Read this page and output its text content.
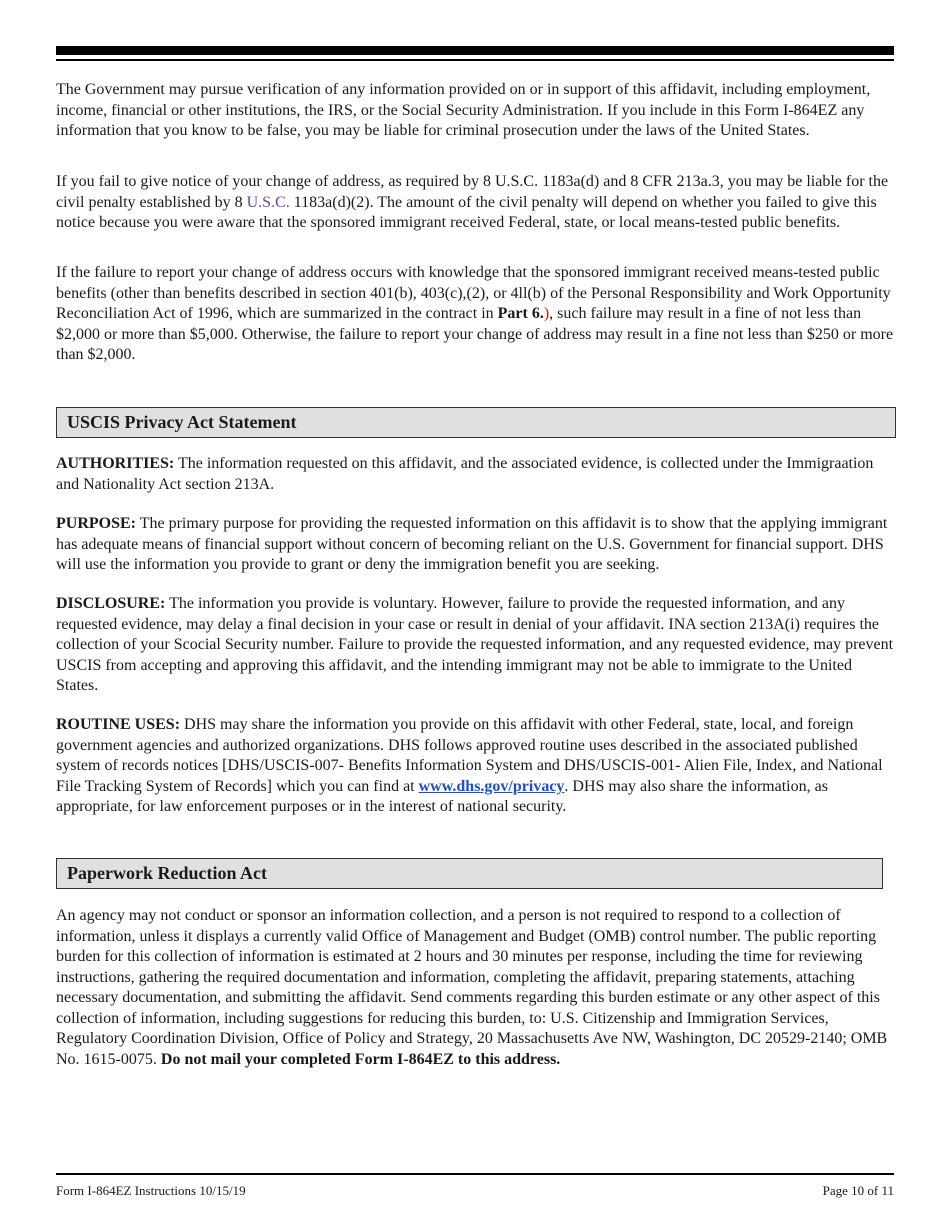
The Government may pursue verification of any information provided on or in support of this affidavit, including employment, income, financial or other institutions, the IRS, or the Social Security Administration. If you include in this Form I-864EZ any information that you know to be false, you may be liable for criminal prosecution under the laws of the United States.

If you fail to give notice of your change of address, as required by 8 U.S.C. 1183a(d) and 8 CFR 213a.3, you may be liable for the civil penalty established by 8 U.S.C. 1183a(d)(2). The amount of the civil penalty will depend on whether you failed to give this notice because you were aware that the sponsored immigrant received Federal, state, or local means-tested public benefits.

If the failure to report your change of address occurs with knowledge that the sponsored immigrant received means-tested public benefits (other than benefits described in section 401(b), 403(c),(2), or 4ll(b) of the Personal Responsibility and Work Opportunity Reconciliation Act of 1996, which are summarized in the contract in Part 6.), such failure may result in a fine of not less than $2,000 or more than $5,000. Otherwise, the failure to report your change of address may result in a fine not less than $250 or more than $2,000.

USCIS Privacy Act Statement

AUTHORITIES: The information requested on this affidavit, and the associated evidence, is collected under the Immigraation and Nationality Act section 213A.

PURPOSE: The primary purpose for providing the requested information on this affidavit is to show that the applying immigrant has adequate means of financial support without concern of becoming reliant on the U.S. Government for financial support. DHS will use the information you provide to grant or deny the immigration benefit you are seeking.

DISCLOSURE: The information you provide is voluntary. However, failure to provide the requested information, and any requested evidence, may delay a final decision in your case or result in denial of your affidavit. INA section 213A(i) requires the collection of your Scocial Security number. Failure to provide the requested information, and any requested evidence, may prevent USCIS from accepting and approving this affidavit, and the intending immigrant may not be able to immigrate to the United States.

ROUTINE USES: DHS may share the information you provide on this affidavit with other Federal, state, local, and foreign government agencies and authorized organizations. DHS follows approved routine uses described in the associated published system of records notices [DHS/USCIS-007- Benefits Information System and DHS/USCIS-001- Alien File, Index, and National File Tracking System of Records] which you can find at www.dhs.gov/privacy. DHS may also share the information, as appropriate, for law enforcement purposes or in the interest of national security.

Paperwork Reduction Act

An agency may not conduct or sponsor an information collection, and a person is not required to respond to a collection of information, unless it displays a currently valid Office of Management and Budget (OMB) control number. The public reporting burden for this collection of information is estimated at 2 hours and 30 minutes per response, including the time for reviewing instructions, gathering the required documentation and information, completing the affidavit, preparing statements, attaching necessary documentation, and submitting the affidavit. Send comments regarding this burden estimate or any other aspect of this collection of information, including suggestions for reducing this burden, to: U.S. Citizenship and Immigration Services, Regulatory Coordination Division, Office of Policy and Strategy, 20 Massachusetts Ave NW, Washington, DC 20529-2140; OMB No. 1615-0075. Do not mail your completed Form I-864EZ to this address.

Form I-864EZ Instructions 10/15/19	Page 10 of 11
